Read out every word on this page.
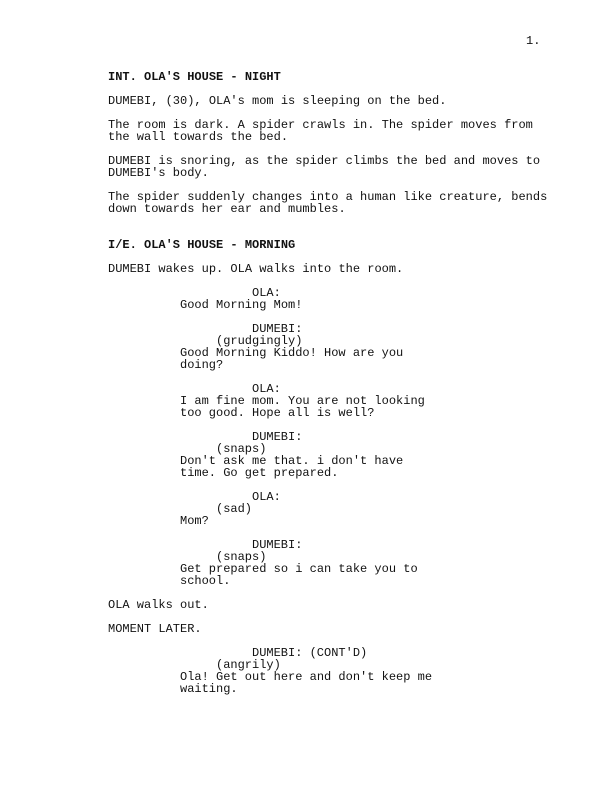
1.
INT. OLA'S HOUSE - NIGHT
DUMEBI, (30), OLA's mom is sleeping on the bed.
The room is dark. A spider crawls in. The spider moves from
the wall towards the bed.
DUMEBI is snoring, as the spider climbs the bed and moves to
DUMEBI's body.
The spider suddenly changes into a human like creature, bends
down towards her ear and mumbles.
I/E. OLA'S HOUSE - MORNING
DUMEBI wakes up. OLA walks into the room.
OLA:
Good Morning Mom!
DUMEBI:
(grudgingly)
Good Morning Kiddo! How are you
doing?
OLA:
I am fine mom. You are not looking
too good. Hope all is well?
DUMEBI:
(snaps)
Don't ask me that. i don't have
time. Go get prepared.
OLA:
(sad)
Mom?
DUMEBI:
(snaps)
Get prepared so i can take you to
school.
OLA walks out.
MOMENT LATER.
DUMEBI: (CONT'D)
(angrily)
Ola! Get out here and don't keep me
waiting.
